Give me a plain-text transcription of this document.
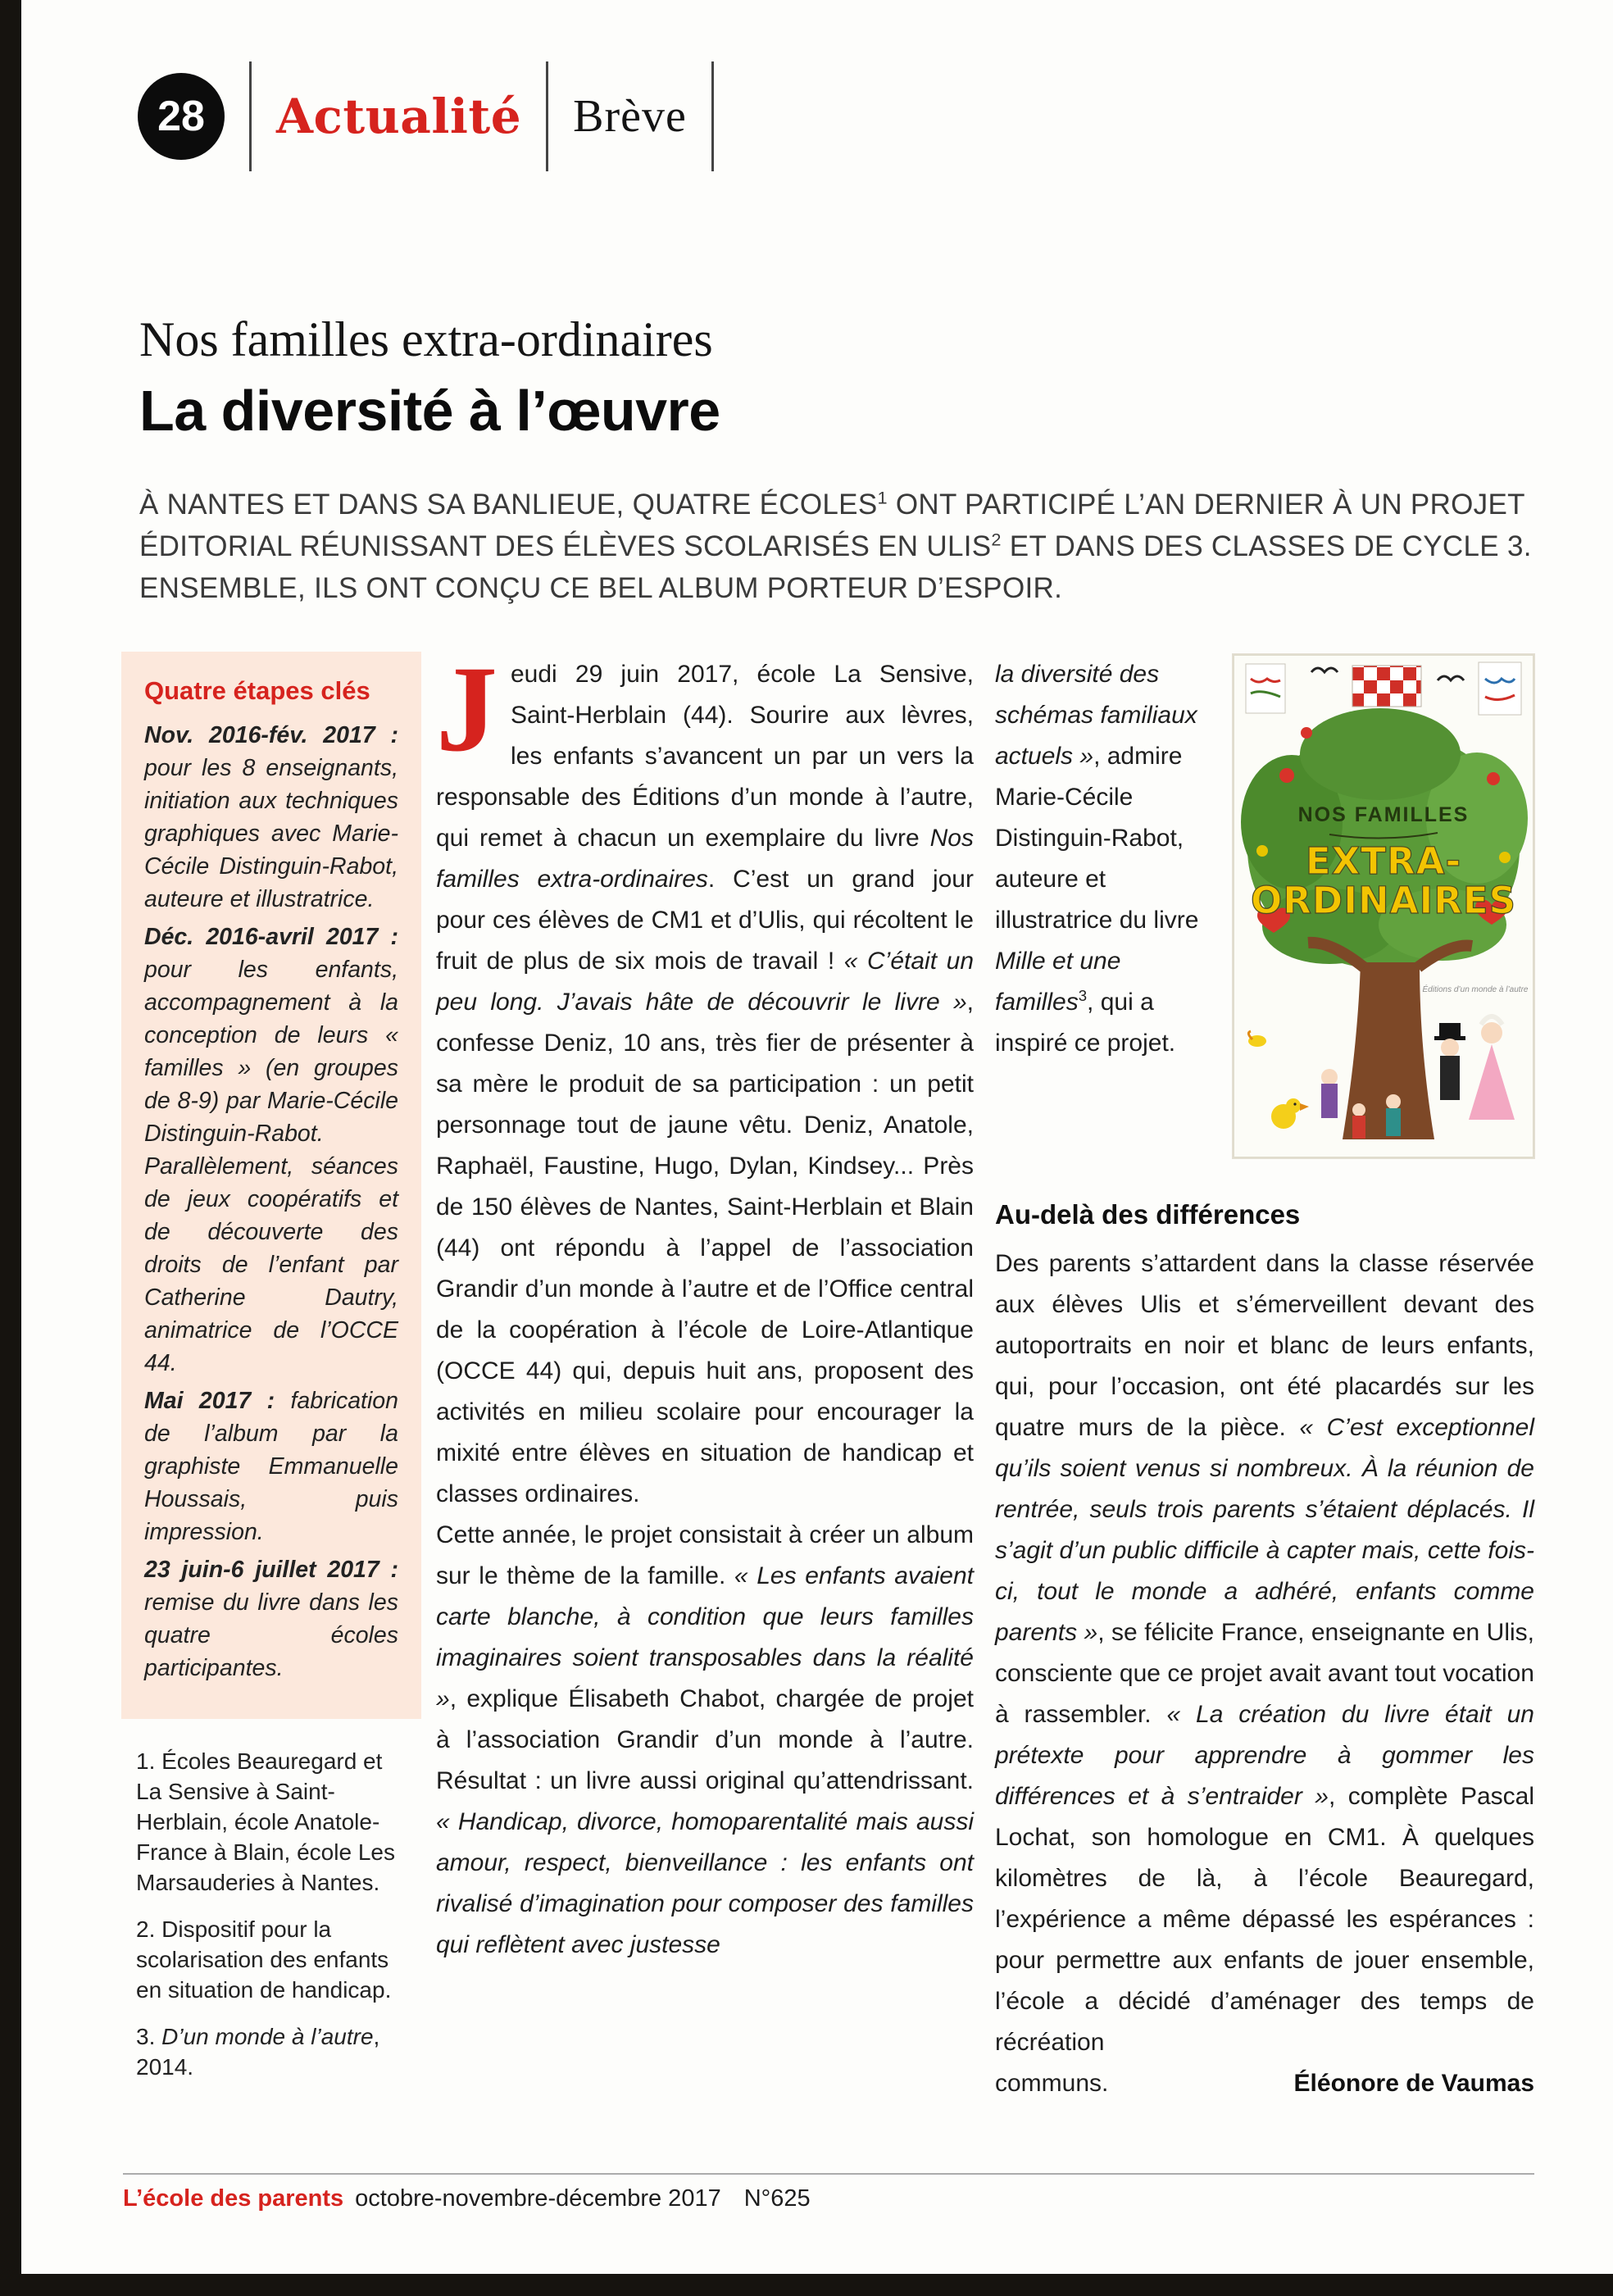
28	Actualité Brève
Nos familles extra-ordinaires
La diversité à l’œuvre

À NANTES ET DANS SA BANLIEUE, QUATRE ÉCOLES$^1$ ONT PARTICIPÉ L’AN DERNIER À UN PROJET ÉDITORIAL RÉUNISSANT DES ÉLÈVES SCOLARISÉS EN ULIS$^2$ ET DANS DES CLASSES DE CYCLE 3. ENSEMBLE, ILS ONT CONÇU CE BEL ALBUM PORTEUR D’ESPOIR.

Quatre étapes clés

Nov. 2016-fév. 2017 : pour les 8 enseignants, initiation aux techniques graphiques avec Marie-Cécile Distinguin-Rabot, auteure et illustratrice.

Déc. 2016-avril 2017 : pour les enfants, accompagnement à la conception de leurs « familles » (en groupes de 8-9) par Marie-Cécile Distinguin-Rabot. Parallèlement, séances de jeux coopératifs et de découverte des droits de l’enfant par Catherine Dautry, animatrice de l’OCCE 44.

Mai 2017 : fabrication de l’album par la graphiste Emmanuelle Houssais, puis impression.

23 juin-6 juillet 2017 : remise du livre dans les quatre écoles participantes.

1. Écoles Beauregard et La Sensive à Saint-Herblain, école Anatole-France à Blain, école Les Marsauderies à Nantes.

2. Dispositif pour la scolarisation des enfants en situation de handicap.

3. D’un monde à l’autre, 2014.

Jeudi 29 juin 2017, école La Sensive, Saint-Herblain (44). Sourire aux lèvres, les enfants s’avancent un par un vers la responsable des Éditions d’un monde à l’autre, qui remet à chacun un exemplaire du livre Nos familles extra-ordinaires. C’est un grand jour pour ces élèves de CM1 et d’Ulis, qui récoltent le fruit de plus de six mois de travail ! « C’était un peu long. J’avais hâte de découvrir le livre », confesse Deniz, 10 ans, très fier de présenter à sa mère le produit de sa participation : un petit personnage tout de jaune vêtu. Deniz, Anatole, Raphaël, Faustine, Hugo, Dylan, Kindsey... Près de 150 élèves de Nantes, Saint-Herblain et Blain (44) ont répondu à l’appel de l’association Grandir d’un monde à l’autre et de l’Office central de la coopération à l’école de Loire-Atlantique (OCCE 44) qui, depuis huit ans, proposent des activités en milieu scolaire pour encourager la mixité entre élèves en situation de handicap et classes ordinaires.

Cette année, le projet consistait à créer un album sur le thème de la famille. « Les enfants avaient carte blanche, à condition que leurs familles imaginaires soient transposables dans la réalité », explique Élisabeth Chabot, chargée de projet à l’association Grandir d’un monde à l’autre. Résultat : un livre aussi original qu’attendrissant. « Handicap, divorce, homoparentalité mais aussi amour, respect, bienveillance : les enfants ont rivalisé d’imagination pour composer des familles qui reflètent avec justesse

NOS FAMILLES
EXTRA-
ORDINAIRES
Éditions d’un monde à l’autre

la diversité des schémas familiaux actuels », admire Marie-Cécile Distinguin-Rabot, auteure et illustratrice du livre Mille et une familles$^3$, qui a inspiré ce projet.

Au-delà des différences

Des parents s’attardent dans la classe réservée aux élèves Ulis et s’émerveillent devant des autoportraits en noir et blanc de leurs enfants, qui, pour l’occasion, ont été placardés sur les quatre murs de la pièce. « C’est exceptionnel qu’ils soient venus si nombreux. À la réunion de rentrée, seuls trois parents s’étaient déplacés. Il s’agit d’un public difficile à capter mais, cette fois-ci, tout le monde a adhéré, enfants comme parents », se félicite France, enseignante en Ulis, consciente que ce projet avait avant tout vocation à rassembler. « La création du livre était un prétexte pour apprendre à gommer les différences et à s’entraider », complète Pascal Lochat, son homologue en CM1. À quelques kilomètres de là, à l’école Beauregard, l’expérience a même dépassé les espérances : pour permettre aux enfants de jouer ensemble, l’école a décidé d’aménager des temps de récréation

communs.	Éléonore de Vaumas
L’école des parents octobre-novembre-décembre 2017 N°625
